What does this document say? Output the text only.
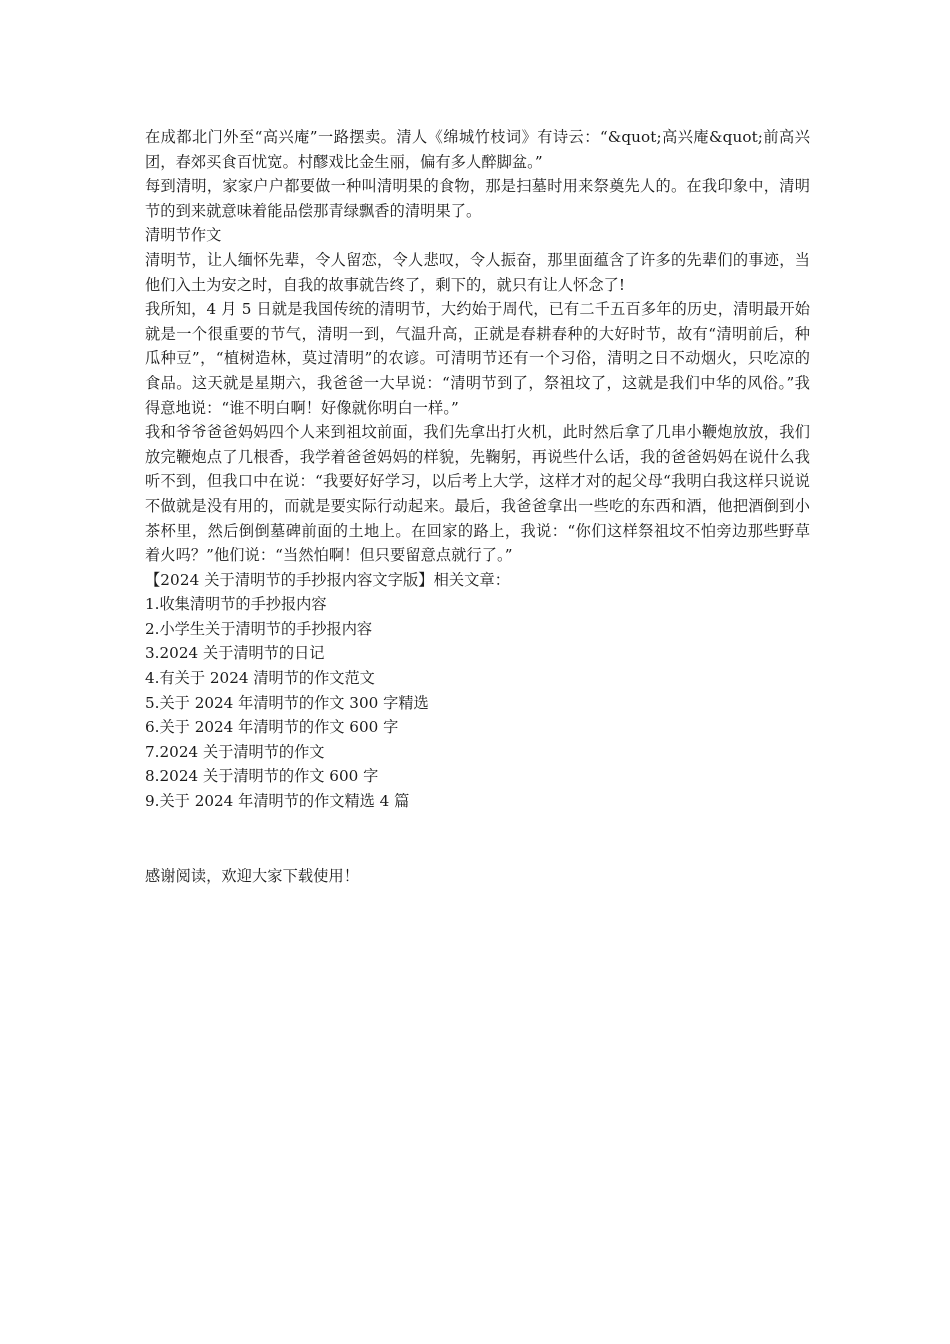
在成都北门外至“高兴庵”一路摆卖。清人《绵城竹枝词》有诗云：“&quot;高兴庵&quot;前高兴团，春郊买食百忧宽。村醪戏比金生丽，偏有多人醉脚盆。”

每到清明，家家户户都要做一种叫清明果的食物，那是扫墓时用来祭奠先人的。在我印象中，清明节的到来就意味着能品偿那青绿飘香的清明果了。

清明节作文

清明节，让人缅怀先辈，令人留恋，令人悲叹，令人振奋，那里面蕴含了许多的先辈们的事迹，当他们入土为安之时，自我的故事就告终了，剩下的，就只有让人怀念了!

我所知，4 月 5 日就是我国传统的清明节，大约始于周代，已有二千五百多年的历史，清明最开始就是一个很重要的节气，清明一到，气温升高，正就是春耕春种的大好时节，故有“清明前后，种瓜种豆”，“植树造林，莫过清明”的农谚。可清明节还有一个习俗，清明之日不动烟火，只吃凉的食品。这天就是星期六，我爸爸一大早说：“清明节到了，祭祖坟了，这就是我们中华的风俗。”我得意地说：“谁不明白啊！好像就你明白一样。”

我和爷爷爸爸妈妈四个人来到祖坟前面，我们先拿出打火机，此时然后拿了几串小鞭炮放放，我们放完鞭炮点了几根香，我学着爸爸妈妈的样貌，先鞠躬，再说些什么话，我的爸爸妈妈在说什么我听不到，但我口中在说：“我要好好学习，以后考上大学，这样才对的起父母“我明白我这样只说说不做就是没有用的，而就是要实际行动起来。最后，我爸爸拿出一些吃的东西和酒，他把酒倒到小茶杯里，然后倒倒墓碑前面的土地上。在回家的路上，我说：“你们这样祭祖坟不怕旁边那些野草着火吗？”他们说：“当然怕啊！但只要留意点就行了。”

【2024 关于清明节的手抄报内容文字版】相关文章：

1.收集清明节的手抄报内容
2.小学生关于清明节的手抄报内容
3.2024 关于清明节的日记
4.有关于 2024 清明节的作文范文
5.关于 2024 年清明节的作文 300 字精选
6.关于 2024 年清明节的作文 600 字
7.2024 关于清明节的作文
8.2024 关于清明节的作文 600 字
9.关于 2024 年清明节的作文精选 4 篇

感谢阅读，欢迎大家下载使用！
